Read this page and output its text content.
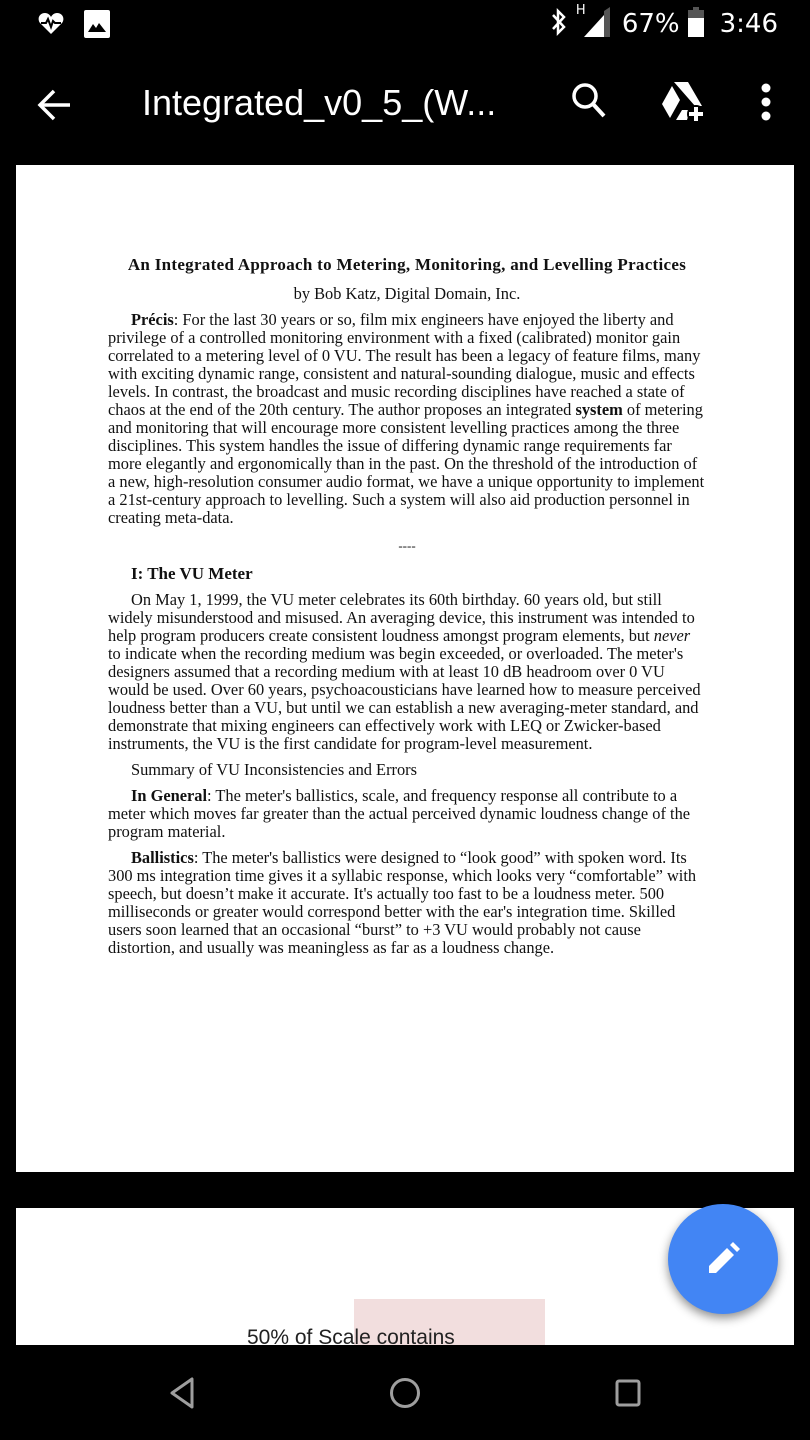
H 67% 3:46
Integrated_v0_5_(W...

An Integrated Approach to Metering, Monitoring, and Levelling Practices

by Bob Katz, Digital Domain, Inc.
Précis: For the last 30 years or so, film mix engineers have enjoyed the liberty and privilege of a controlled monitoring environment with a fixed (calibrated) monitor gain correlated to a metering level of 0 VU. The result has been a legacy of feature films, many with exciting dynamic range, consistent and natural-sounding dialogue, music and effects levels. In contrast, the broadcast and music recording disciplines have reached a state of chaos at the end of the 20th century. The author proposes an integrated system of metering and monitoring that will encourage more consistent levelling practices among the three disciplines. This system handles the issue of differing dynamic range requirements far more elegantly and ergonomically than in the past. On the threshold of the introduction of a new, high-resolution consumer audio format, we have a unique opportunity to implement a 21st-century approach to levelling. Such a system will also aid production personnel in creating meta-data.
----
I: The VU Meter
On May 1, 1999, the VU meter celebrates its 60th birthday. 60 years old, but still widely misunderstood and misused. An averaging device, this instrument was intended to help program producers create consistent loudness amongst program elements, but never to indicate when the recording medium was begin exceeded, or overloaded. The meter's designers assumed that a recording medium with at least 10 dB headroom over 0 VU would be used. Over 60 years, psychoacousticians have learned how to measure perceived loudness better than a VU, but until we can establish a new averaging-meter standard, and demonstrate that mixing engineers can effectively work with LEQ or Zwicker-based instruments, the VU is the first candidate for program-level measurement.
Summary of VU Inconsistencies and Errors
In General: The meter's ballistics, scale, and frequency response all contribute to a meter which moves far greater than the actual perceived dynamic loudness change of the program material.
Ballistics: The meter's ballistics were designed to “look good” with spoken word. Its 300 ms integration time gives it a syllabic response, which looks very “comfortable” with speech, but doesn’t make it accurate. It's actually too fast to be a loudness meter. 500 milliseconds or greater would correspond better with the ear's integration time. Skilled users soon learned that an occasional “burst” to +3 VU would probably not cause distortion, and usually was meaningless as far as a loudness change.
50% of Scale contains
